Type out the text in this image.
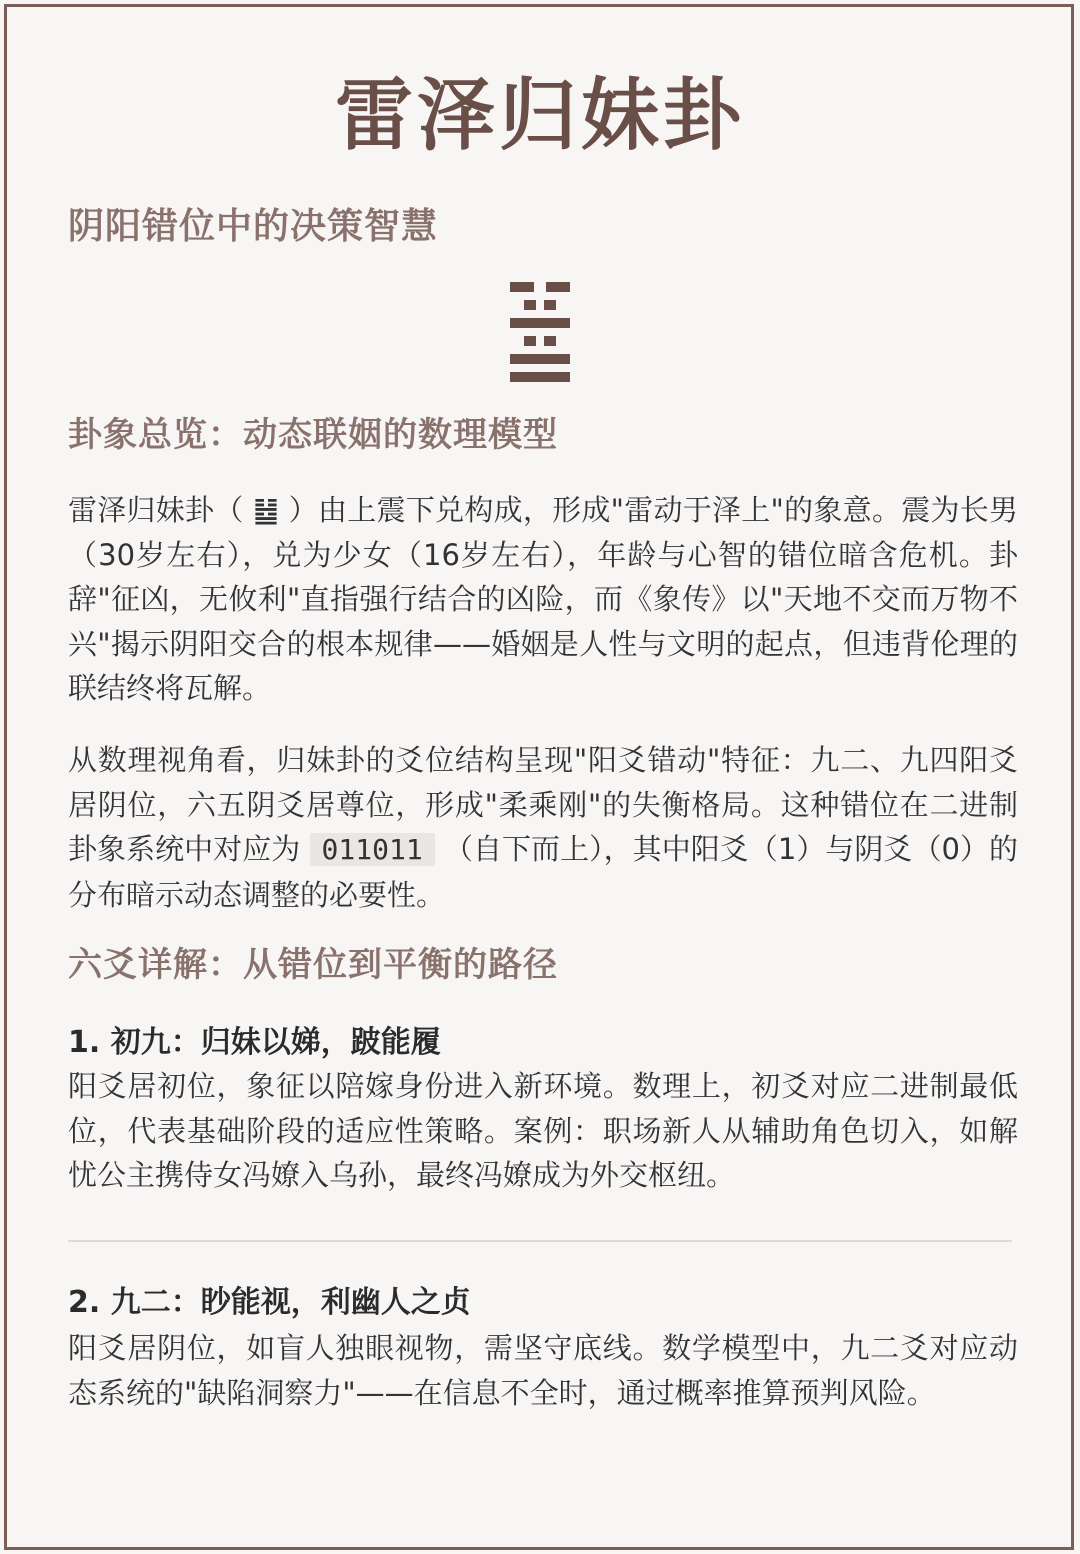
雷泽归妹卦
阴阳错位中的决策智慧
卦象总览：动态联姻的数理模型
雷泽归妹卦（ ䷵ ）由上震下兑构成，形成"雷动于泽上"的象意。震为长男（30岁左右），兑为少女（16岁左右），年龄与心智的错位暗含危机。卦辞"征凶，无攸利"直指强行结合的凶险，而《象传》以"天地不交而万物不兴"揭示阴阳交合的根本规律——婚姻是人性与文明的起点，但违背伦理的联结终将瓦解。
从数理视角看，归妹卦的爻位结构呈现"阳爻错动"特征：九二、九四阳爻居阴位，六五阴爻居尊位，形成"柔乘刚"的失衡格局。这种错位在二进制卦象系统中对应为 011011 （自下而上），其中阳爻（1）与阴爻（0）的分布暗示动态调整的必要性。
六爻详解：从错位到平衡的路径
1. 初九：归妹以娣，跛能履
阳爻居初位，象征以陪嫁身份进入新环境。数理上，初爻对应二进制最低位，代表基础阶段的适应性策略。案例：职场新人从辅助角色切入，如解忧公主携侍女冯嫽入乌孙，最终冯嫽成为外交枢纽。
2. 九二：眇能视，利幽人之贞
阳爻居阴位，如盲人独眼视物，需坚守底线。数学模型中，九二爻对应动态系统的"缺陷洞察力"——在信息不全时，通过概率推算预判风险。
